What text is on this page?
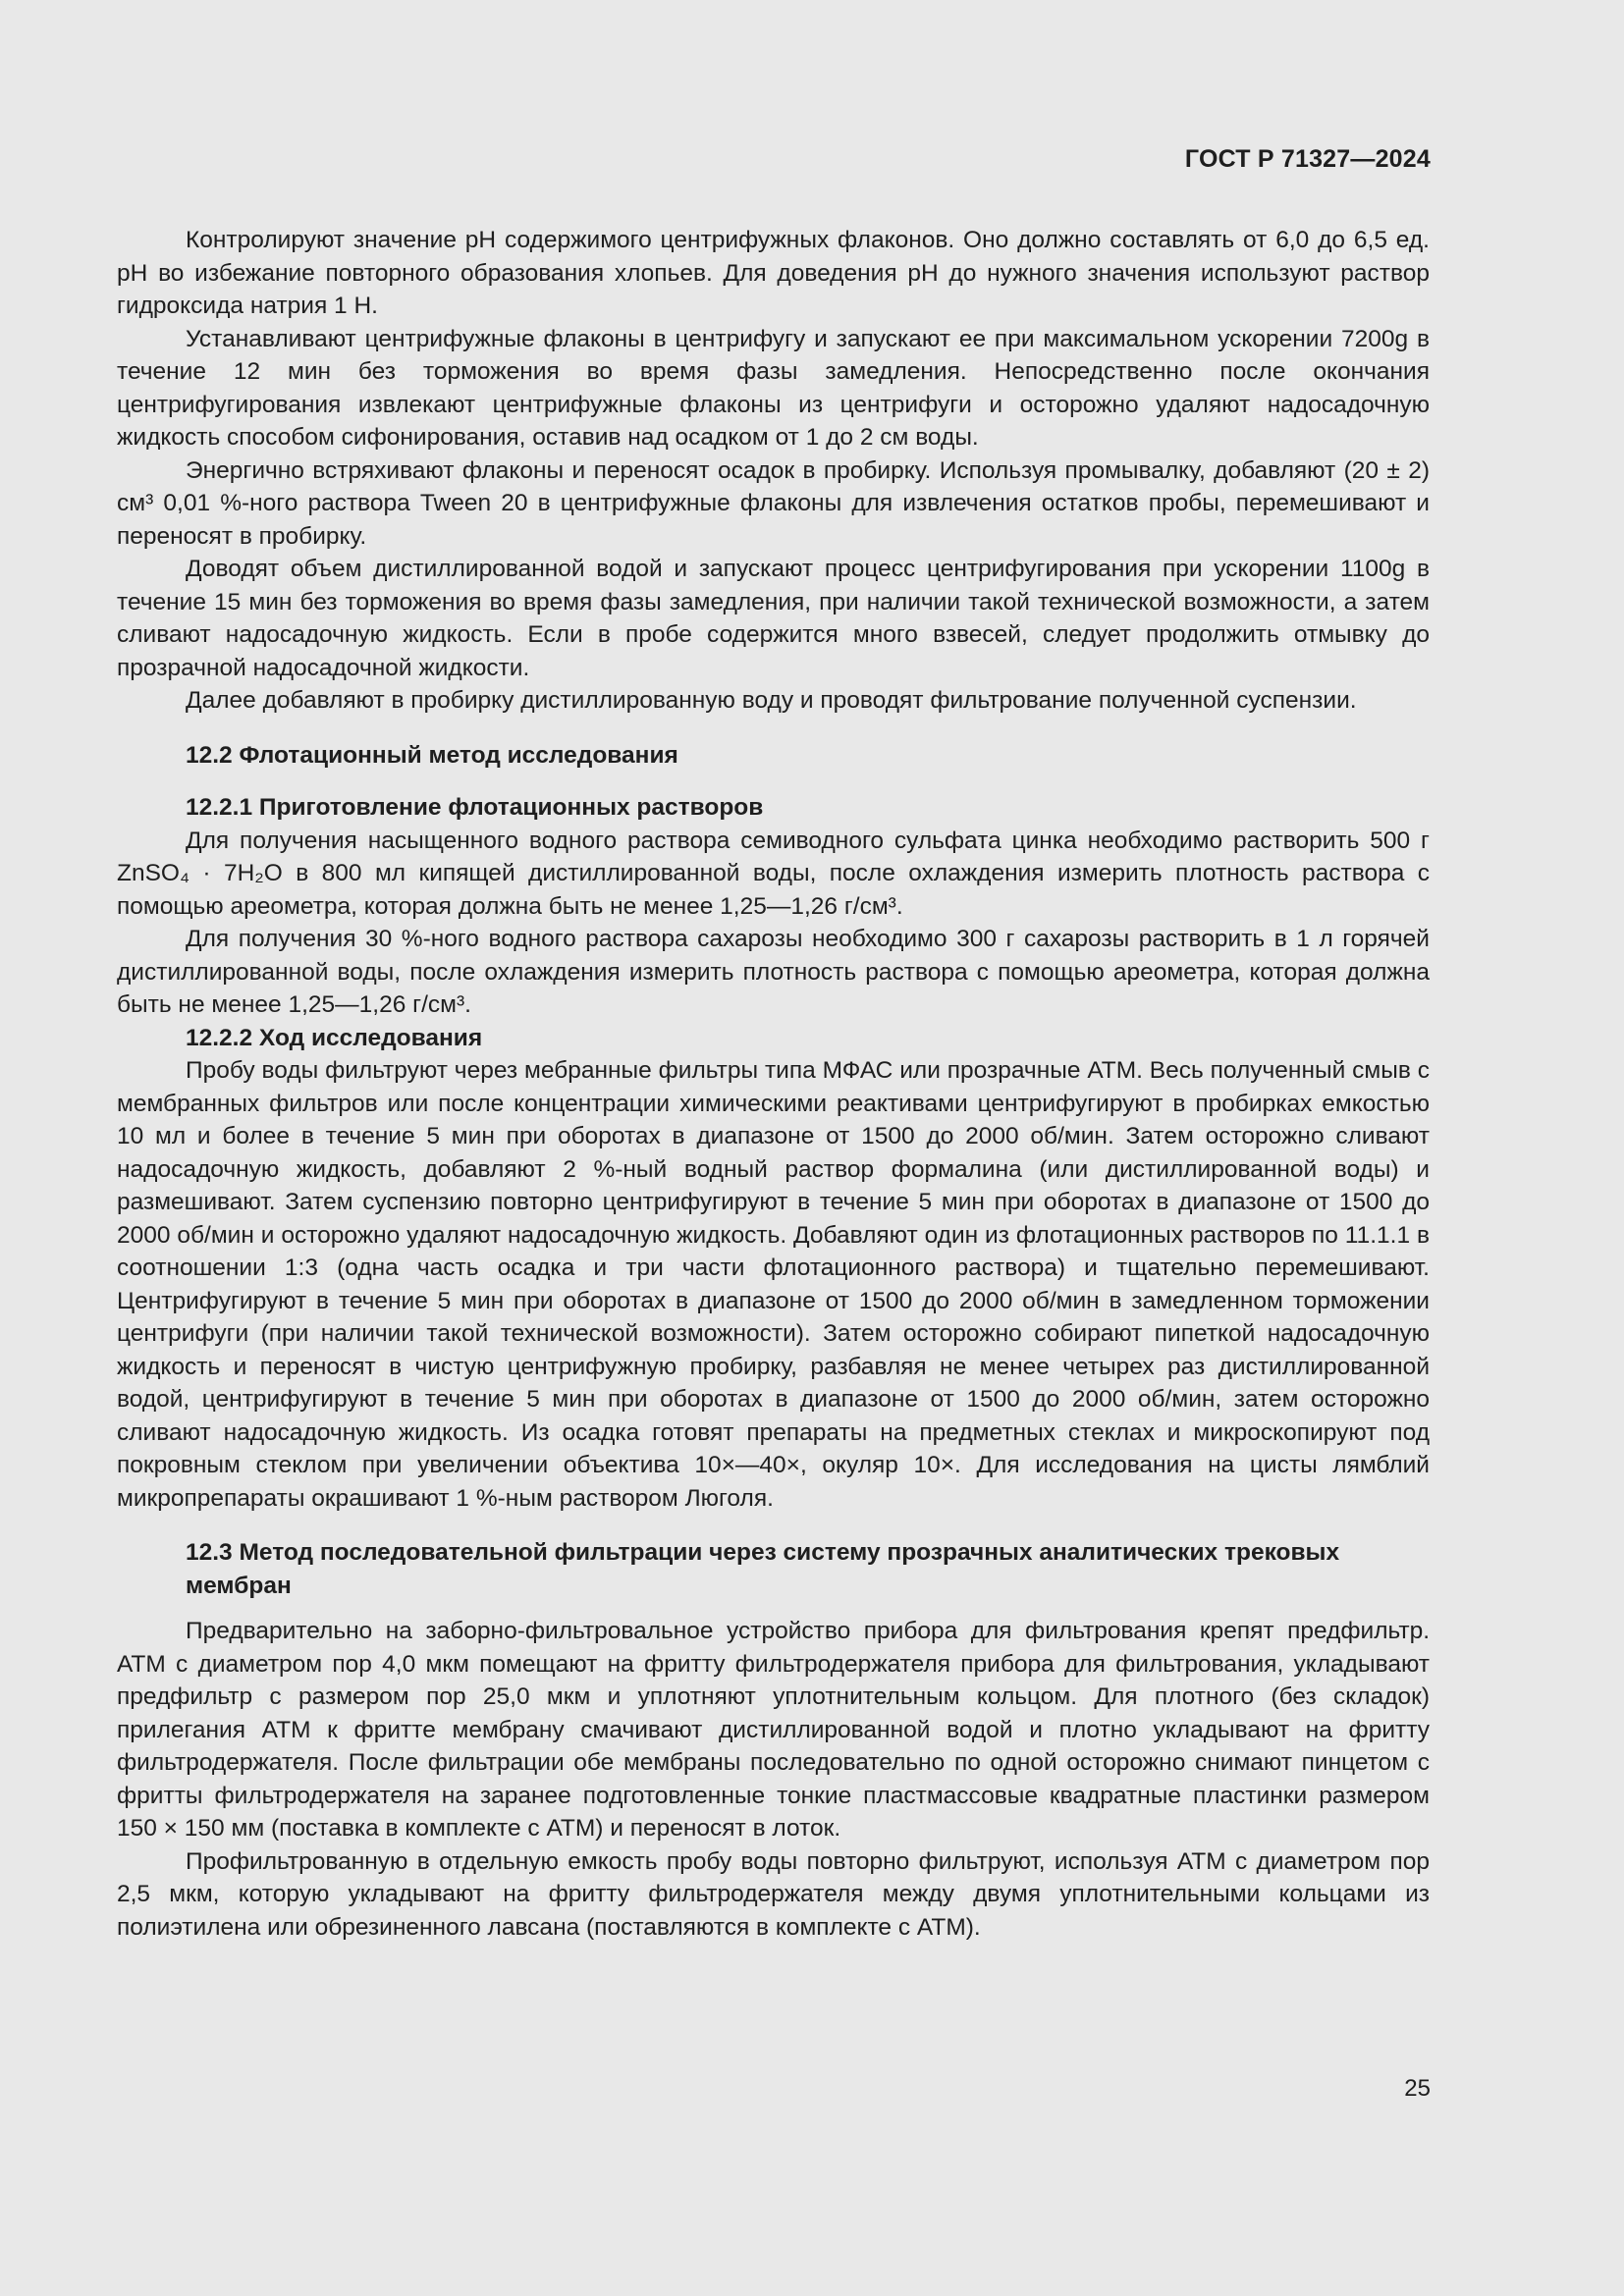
ГОСТ Р 71327—2024

Контролируют значение pH содержимого центрифужных флаконов. Оно должно составлять от 6,0 до 6,5 ед. pH во избежание повторного образования хлопьев. Для доведения pH до нужного значения используют раствор гидроксида натрия 1 Н.

Устанавливают центрифужные флаконы в центрифугу и запускают ее при максимальном ускорении 7200g в течение 12 мин без торможения во время фазы замедления. Непосредственно после окончания центрифугирования извлекают центрифужные флаконы из центрифуги и осторожно удаляют надосадочную жидкость способом сифонирования, оставив над осадком от 1 до 2 см воды.

Энергично встряхивают флаконы и переносят осадок в пробирку. Используя промывалку, добавляют (20 ± 2) см³ 0,01 %-ного раствора Tween 20 в центрифужные флаконы для извлечения остатков пробы, перемешивают и переносят в пробирку.

Доводят объем дистиллированной водой и запускают процесс центрифугирования при ускорении 1100g в течение 15 мин без торможения во время фазы замедления, при наличии такой технической возможности, а затем сливают надосадочную жидкость. Если в пробе содержится много взвесей, следует продолжить отмывку до прозрачной надосадочной жидкости.

Далее добавляют в пробирку дистиллированную воду и проводят фильтрование полученной суспензии.

12.2 Флотационный метод исследования
12.2.1 Приготовление флотационных растворов

Для получения насыщенного водного раствора семиводного сульфата цинка необходимо растворить 500 г ZnSO₄ · 7H₂O в 800 мл кипящей дистиллированной воды, после охлаждения измерить плотность раствора с помощью ареометра, которая должна быть не менее 1,25—1,26 г/см³.

Для получения 30 %-ного водного раствора сахарозы необходимо 300 г сахарозы растворить в 1 л горячей дистиллированной воды, после охлаждения измерить плотность раствора с помощью ареометра, которая должна быть не менее 1,25—1,26 г/см³.

12.2.2 Ход исследования

Пробу воды фильтруют через мебранные фильтры типа МФАС или прозрачные АТМ. Весь полученный смыв с мембранных фильтров или после концентрации химическими реактивами центрифугируют в пробирках емкостью 10 мл и более в течение 5 мин при оборотах в диапазоне от 1500 до 2000 об/мин. Затем осторожно сливают надосадочную жидкость, добавляют 2 %-ный водный раствор формалина (или дистиллированной воды) и размешивают. Затем суспензию повторно центрифугируют в течение 5 мин при оборотах в диапазоне от 1500 до 2000 об/мин и осторожно удаляют надосадочную жидкость. Добавляют один из флотационных растворов по 11.1.1 в соотношении 1:3 (одна часть осадка и три части флотационного раствора) и тщательно перемешивают. Центрифугируют в течение 5 мин при оборотах в диапазоне от 1500 до 2000 об/мин в замедленном торможении центрифуги (при наличии такой технической возможности). Затем осторожно собирают пипеткой надосадочную жидкость и переносят в чистую центрифужную пробирку, разбавляя не менее четырех раз дистиллированной водой, центрифугируют в течение 5 мин при оборотах в диапазоне от 1500 до 2000 об/мин, затем осторожно сливают надосадочную жидкость. Из осадка готовят препараты на предметных стеклах и микроскопируют под покровным стеклом при увеличении объектива 10×—40×, окуляр 10×. Для исследования на цисты лямблий микропрепараты окрашивают 1 %-ным раствором Люголя.

12.3 Метод последовательной фильтрации через систему прозрачных аналитических трековых мембран

Предварительно на заборно-фильтровальное устройство прибора для фильтрования крепят предфильтр. АТМ с диаметром пор 4,0 мкм помещают на фритту фильтродержателя прибора для фильтрования, укладывают предфильтр с размером пор 25,0 мкм и уплотняют уплотнительным кольцом. Для плотного (без складок) прилегания АТМ к фритте мембрану смачивают дистиллированной водой и плотно укладывают на фритту фильтродержателя. После фильтрации обе мембраны последовательно по одной осторожно снимают пинцетом с фритты фильтродержателя на заранее подготовленные тонкие пластмассовые квадратные пластинки размером 150 × 150 мм (поставка в комплекте с АТМ) и переносят в лоток.

Профильтрованную в отдельную емкость пробу воды повторно фильтруют, используя АТМ с диаметром пор 2,5 мкм, которую укладывают на фритту фильтродержателя между двумя уплотнительными кольцами из полиэтилена или обрезиненного лавсана (поставляются в комплекте с АТМ).

25
